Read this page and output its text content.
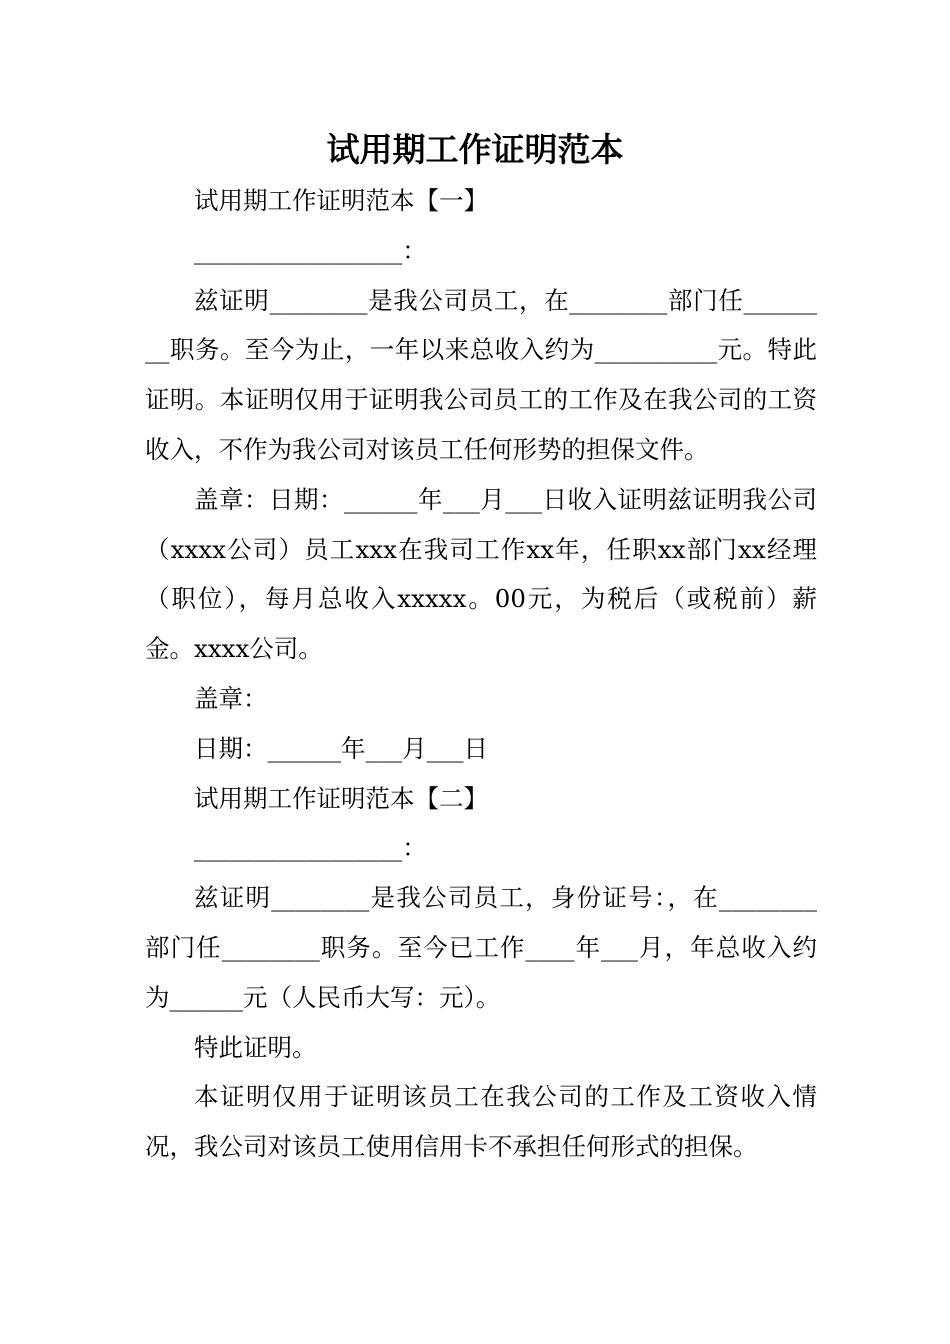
试用期工作证明范本

试用期工作证明范本【一】

_________________：

兹证明________是我公司员工，在________部门任________职务。至今为止，一年以来总收入约为__________元。特此证明。本证明仅用于证明我公司员工的工作及在我公司的工资收入，不作为我公司对该员工任何形势的担保文件。

盖章：日期：______年___月___日收入证明兹证明我公司（xxxx公司）员工xxx在我司工作xx年，任职xx部门xx经理（职位），每月总收入xxxxx。00元，为税后（或税前）薪金。xxxx公司。

盖章：

日期：______年___月___日

试用期工作证明范本【二】

_________________：

兹证明________是我公司员工，身份证号：，在________部门任________职务。至今已工作____年___月，年总收入约为______元（人民币大写：元）。

特此证明。

本证明仅用于证明该员工在我公司的工作及工资收入情况，我公司对该员工使用信用卡不承担任何形式的担保。
